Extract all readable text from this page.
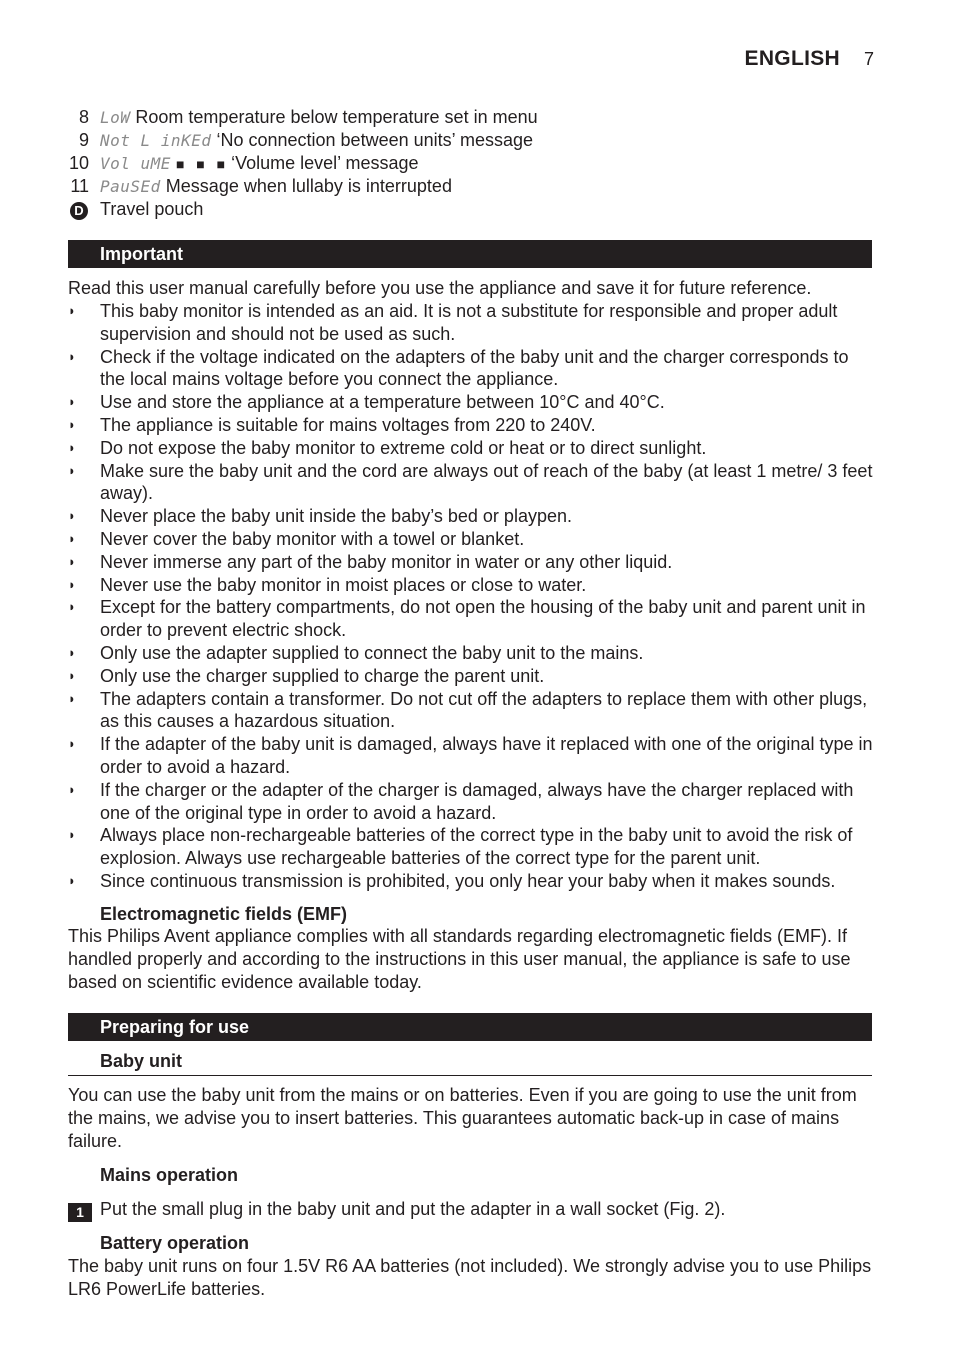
ENGLISH 7
8 LoW Room temperature below temperature set in menu
9 Not L inKEd ‘No connection between units’ message
10 Vol uME ■ ■ ■ ‘Volume level’ message
11 PauSEd Message when lullaby is interrupted
D Travel pouch
Important
Read this user manual carefully before you use the appliance and save it for future reference.
◗ This baby monitor is intended as an aid. It is not a substitute for responsible and proper adult supervision and should not be used as such.
◗ Check if the voltage indicated on the adapters of the baby unit and the charger corresponds to the local mains voltage before you connect the appliance.
◗ Use and store the appliance at a temperature between 10°C and 40°C.
◗ The appliance is suitable for mains voltages from 220 to 240V.
◗ Do not expose the baby monitor to extreme cold or heat or to direct sunlight.
◗ Make sure the baby unit and the cord are always out of reach of the baby (at least 1 metre/ 3 feet away).
◗ Never place the baby unit inside the baby’s bed or playpen.
◗ Never cover the baby monitor with a towel or blanket.
◗ Never immerse any part of the baby monitor in water or any other liquid.
◗ Never use the baby monitor in moist places or close to water.
◗ Except for the battery compartments, do not open the housing of the baby unit and parent unit in order to prevent electric shock.
◗ Only use the adapter supplied to connect the baby unit to the mains.
◗ Only use the charger supplied to charge the parent unit.
◗ The adapters contain a transformer. Do not cut off the adapters to replace them with other plugs, as this causes a hazardous situation.
◗ If the adapter of the baby unit is damaged, always have it replaced with one of the original type in order to avoid a hazard.
◗ If the charger or the adapter of the charger is damaged, always have the charger replaced with one of the original type in order to avoid a hazard.
◗ Always place non-rechargeable batteries of the correct type in the baby unit to avoid the risk of explosion. Always use rechargeable batteries of the correct type for the parent unit.
◗ Since continuous transmission is prohibited, you only hear your baby when it makes sounds.
Electromagnetic fields (EMF)
This Philips Avent appliance complies with all standards regarding electromagnetic fields (EMF). If handled properly and according to the instructions in this user manual, the appliance is safe to use based on scientific evidence available today.
Preparing for use
Baby unit
You can use the baby unit from the mains or on batteries. Even if you are going to use the unit from the mains, we advise you to insert batteries. This guarantees automatic back-up in case of mains failure.
Mains operation
1 Put the small plug in the baby unit and put the adapter in a wall socket (Fig. 2).
Battery operation
The baby unit runs on four 1.5V R6 AA batteries (not included). We strongly advise you to use Philips LR6 PowerLife batteries.
